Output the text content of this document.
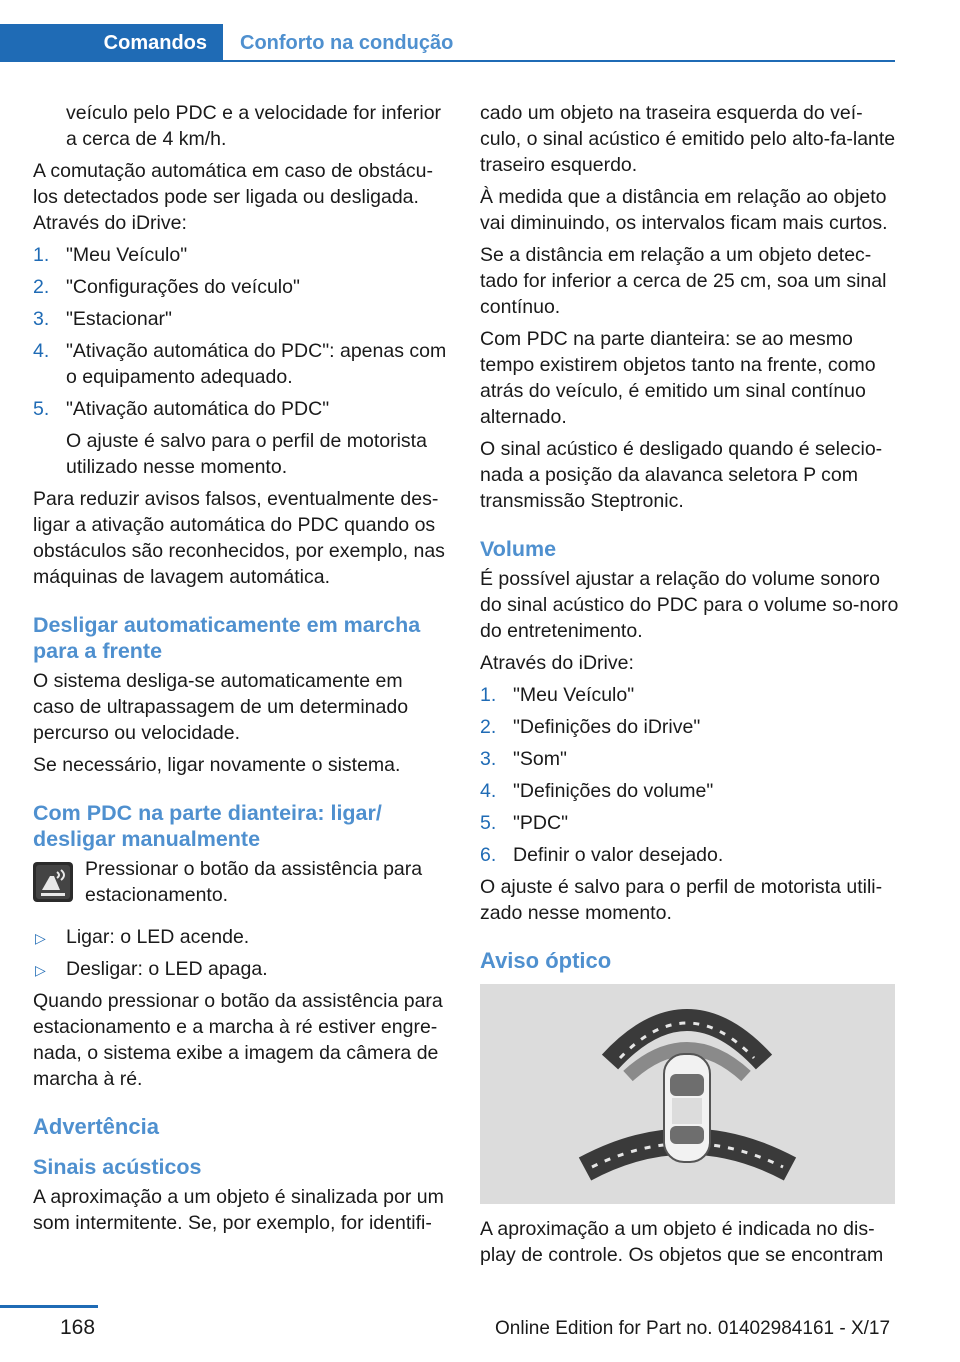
Comandos	Conforto na condução

veículo pelo PDC e a velocidade for inferior a cerca de 4 km/h.

A comutação automática em caso de obstácu-los detectados pode ser ligada ou desligada. Através do iDrive:

1. "Meu Veículo"
2. "Configurações do veículo"
3. "Estacionar"
4. "Ativação automática do PDC": apenas com o equipamento adequado.
5. "Ativação automática do PDC"
O ajuste é salvo para o perfil de motorista utilizado nesse momento.

Para reduzir avisos falsos, eventualmente des-ligar a ativação automática do PDC quando os obstáculos são reconhecidos, por exemplo, nas máquinas de lavagem automática.

Desligar automaticamente em marcha para a frente

O sistema desliga-se automaticamente em caso de ultrapassagem de um determinado percurso ou velocidade.

Se necessário, ligar novamente o sistema.

Com PDC na parte dianteira: ligar/ desligar manualmente
Pressionar o botão da assistência para estacionamento.
▷ Ligar: o LED acende.
▷ Desligar: o LED apaga.

Quando pressionar o botão da assistência para estacionamento e a marcha à ré estiver engre-nada, o sistema exibe a imagem da câmera de marcha à ré.

Advertência
Sinais acústicos

A aproximação a um objeto é sinalizada por um som intermitente. Se, por exemplo, for identifi-

cado um objeto na traseira esquerda do veí-culo, o sinal acústico é emitido pelo alto-fa-lante traseiro esquerdo.

À medida que a distância em relação ao objeto vai diminuindo, os intervalos ficam mais curtos.

Se a distância em relação a um objeto detec-tado for inferior a cerca de 25 cm, soa um sinal contínuo.

Com PDC na parte dianteira: se ao mesmo tempo existirem objetos tanto na frente, como atrás do veículo, é emitido um sinal contínuo alternado.

O sinal acústico é desligado quando é selecio-nada a posição da alavanca seletora P com transmissão Steptronic.

Volume

É possível ajustar a relação do volume sonoro do sinal acústico do PDC para o volume so-noro do entretenimento.

Através do iDrive:

1. "Meu Veículo"
2. "Definições do iDrive"
3. "Som"
4. "Definições do volume"
5. "PDC"
6. Definir o valor desejado.

O ajuste é salvo para o perfil de motorista utili-zado nesse momento.

Aviso óptico

A aproximação a um objeto é indicada no dis-play de controle. Os objetos que se encontram

168	Online Edition for Part no. 01402984161 - X/17
